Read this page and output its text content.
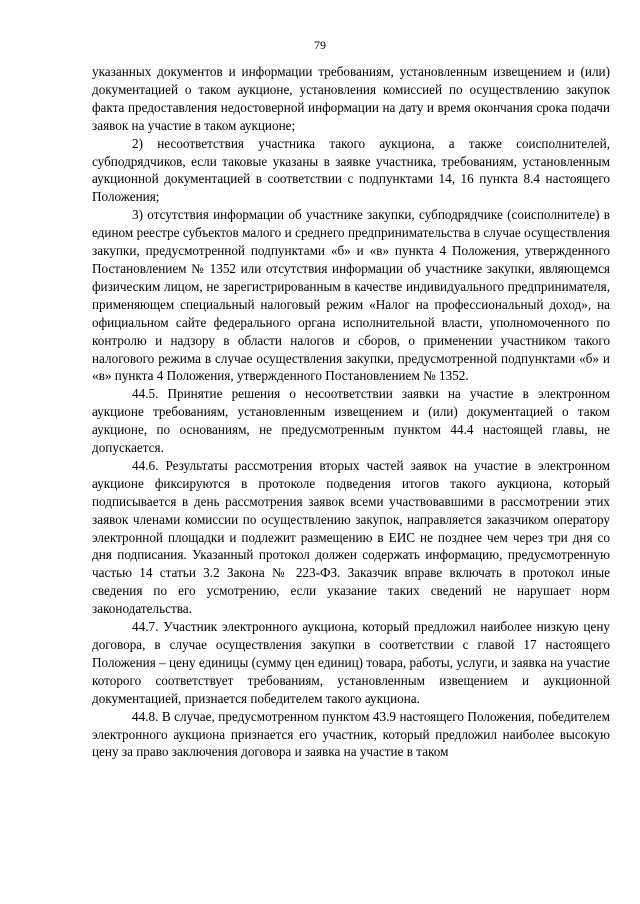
79

указанных документов и информации требованиям, установленным извещением и (или) документацией о таком аукционе, установления комиссией по осуществлению закупок факта предоставления недостоверной информации на дату и время окончания срока подачи заявок на участие в таком аукционе;

2) несоответствия участника такого аукциона, а также соисполнителей, субподрядчиков, если таковые указаны в заявке участника, требованиям, установленным аукционной документацией в соответствии с подпунктами 14, 16 пункта 8.4 настоящего Положения;

3) отсутствия информации об участнике закупки, субподрядчике (соисполнителе) в едином реестре субъектов малого и среднего предпринимательства в случае осуществления закупки, предусмотренной подпунктами «б» и «в» пункта 4 Положения, утвержденного Постановлением № 1352 или отсутствия информации об участнике закупки, являющемся физическим лицом, не зарегистрированным в качестве индивидуального предпринимателя, применяющем специальный налоговый режим «Налог на профессиональный доход», на официальном сайте федерального органа исполнительной власти, уполномоченного по контролю и надзору в области налогов и сборов, о применении участником такого налогового режима в случае осуществления закупки, предусмотренной подпунктами «б» и «в» пункта 4 Положения, утвержденного Постановлением № 1352.

44.5. Принятие решения о несоответствии заявки на участие в электронном аукционе требованиям, установленным извещением и (или) документацией о таком аукционе, по основаниям, не предусмотренным пунктом 44.4 настоящей главы, не допускается.

44.6. Результаты рассмотрения вторых частей заявок на участие в электронном аукционе фиксируются в протоколе подведения итогов такого аукциона, который подписывается в день рассмотрения заявок всеми участвовавшими в рассмотрении этих заявок членами комиссии по осуществлению закупок, направляется заказчиком оператору электронной площадки и подлежит размещению в ЕИС не позднее чем через три дня со дня подписания. Указанный протокол должен содержать информацию, предусмотренную частью 14 статьи 3.2 Закона № 223-ФЗ. Заказчик вправе включать в протокол иные сведения по его усмотрению, если указание таких сведений не нарушает норм законодательства.

44.7. Участник электронного аукциона, который предложил наиболее низкую цену договора, в случае осуществления закупки в соответствии с главой 17 настоящего Положения – цену единицы (сумму цен единиц) товара, работы, услуги, и заявка на участие которого соответствует требованиям, установленным извещением и аукционной документацией, признается победителем такого аукциона.

44.8. В случае, предусмотренном пунктом 43.9 настоящего Положения, победителем электронного аукциона признается его участник, который предложил наиболее высокую цену за право заключения договора и заявка на участие в таком
